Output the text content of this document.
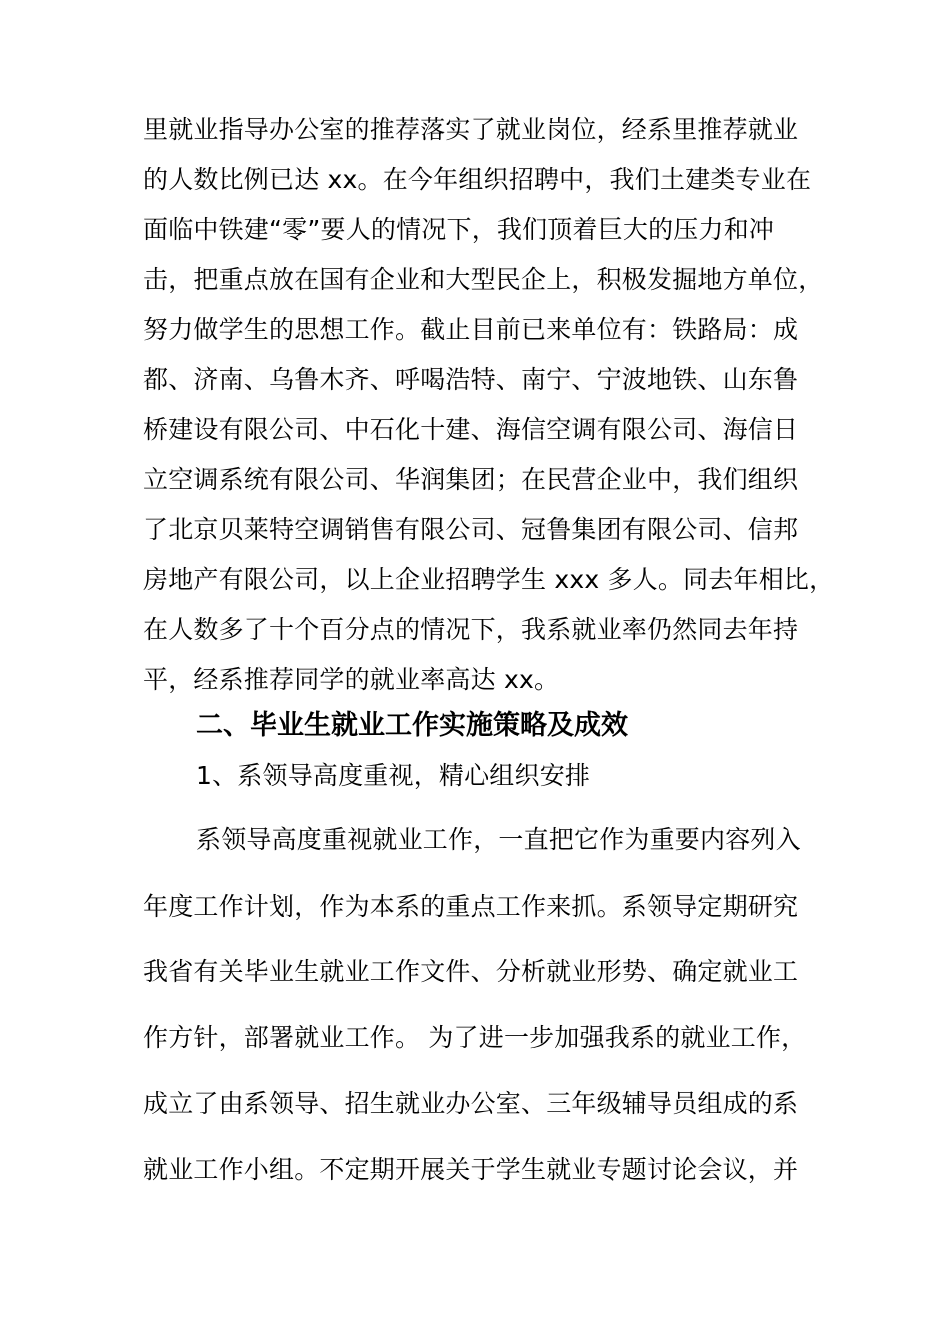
里就业指导办公室的推荐落实了就业岗位，经系里推荐就业
的人数比例已达 xx。在今年组织招聘中，我们土建类专业在
面临中铁建“零”要人的情况下，我们顶着巨大的压力和冲
击，把重点放在国有企业和大型民企上，积极发掘地方单位，
努力做学生的思想工作。截止目前已来单位有：铁路局：成
都、济南、乌鲁木齐、呼喝浩特、南宁、宁波地铁、山东鲁
桥建设有限公司、中石化十建、海信空调有限公司、海信日
立空调系统有限公司、华润集团；在民营企业中，我们组织
了北京贝莱特空调销售有限公司、冠鲁集团有限公司、信邦
房地产有限公司，以上企业招聘学生 xxx 多人。同去年相比，
在人数多了十个百分点的情况下，我系就业率仍然同去年持
平，经系推荐同学的就业率高达 xx。
二、毕业生就业工作实施策略及成效
1、系领导高度重视，精心组织安排
系领导高度重视就业工作，一直把它作为重要内容列入
年度工作计划，作为本系的重点工作来抓。系领导定期研究
我省有关毕业生就业工作文件、分析就业形势、确定就业工
作方针，部署就业工作。 为了进一步加强我系的就业工作，
成立了由系领导、招生就业办公室、三年级辅导员组成的系
就业工作小组。不定期开展关于学生就业专题讨论会议，并
